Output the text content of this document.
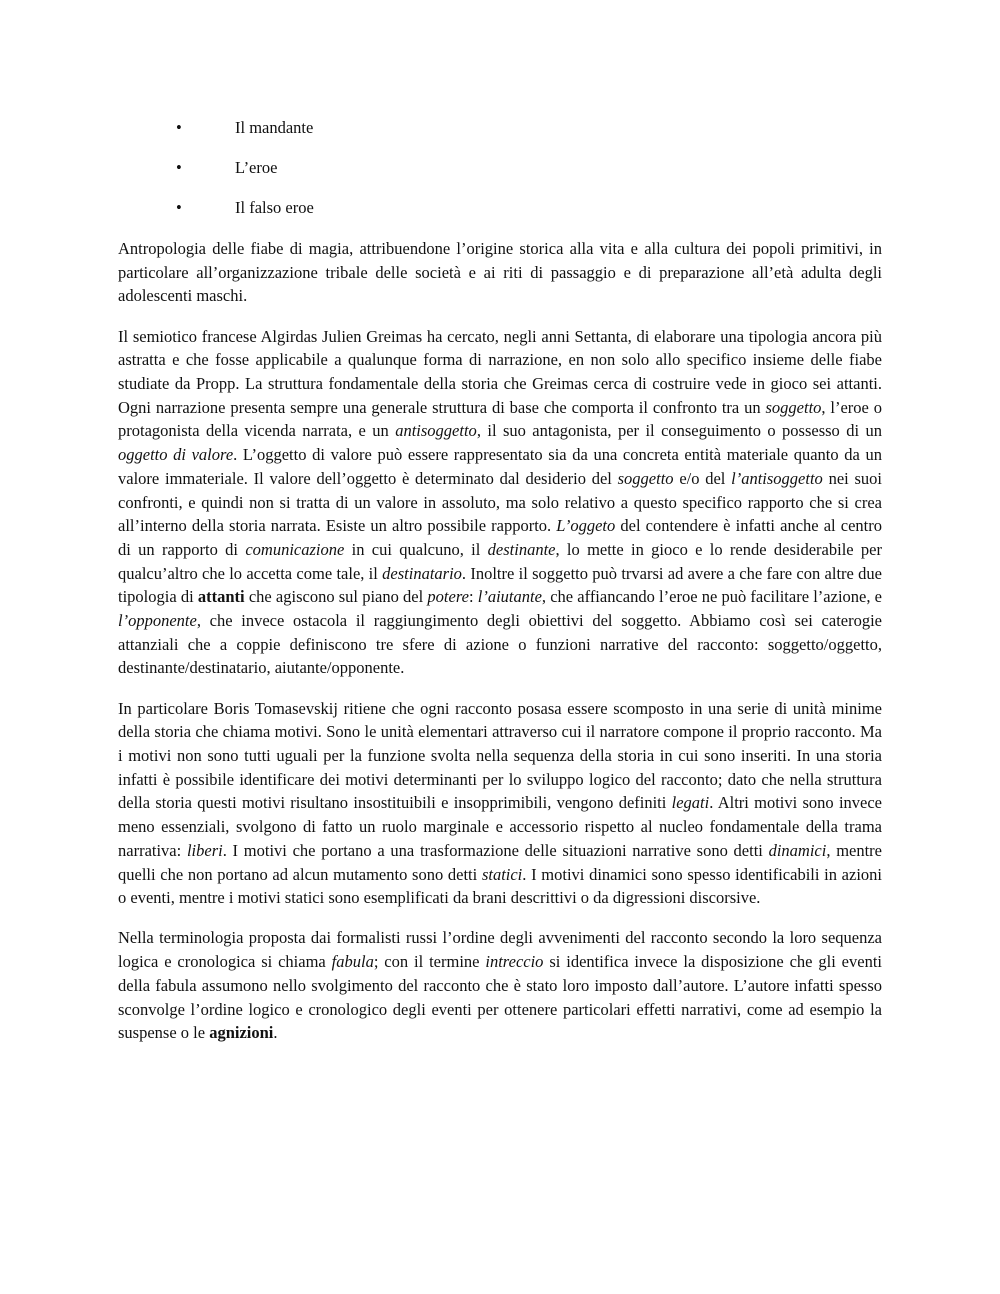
•	Il mandante
•	L’eroe
•	Il falso eroe

Antropologia delle fiabe di magia, attribuendone l’origine storica alla vita e alla cultura dei popoli primitivi, in particolare all’organizzazione tribale delle società e ai riti di passaggio e di preparazione all’età adulta degli adolescenti maschi.

Il semiotico francese Algirdas Julien Greimas ha cercato, negli anni Settanta, di elaborare una tipologia ancora più astratta e che fosse applicabile a qualunque forma di narrazione, en non solo allo specifico insieme delle fiabe studiate da Propp. La struttura fondamentale della storia che Greimas cerca di costruire vede in gioco sei attanti. Ogni narrazione presenta sempre una generale struttura di base che comporta il confronto tra un soggetto, l’eroe o protagonista della vicenda narrata, e un antisoggetto, il suo antagonista, per il conseguimento o possesso di un oggetto di valore. L’oggetto di valore può essere rappresentato sia da una concreta entità materiale quanto da un valore immateriale. Il valore dell’oggetto è determinato dal desiderio del soggetto e/o del l’antisoggetto nei suoi confronti, e quindi non si tratta di un valore in assoluto, ma solo relativo a questo specifico rapporto che si crea all’interno della storia narrata. Esiste un altro possibile rapporto. L’oggeto del contendere è infatti anche al centro di un rapporto di comunicazione in cui qualcuno, il destinante, lo mette in gioco e lo rende desiderabile per qualcu’altro che lo accetta come tale, il destinatario. Inoltre il soggetto può trvarsi ad avere a che fare con altre due tipologia di attanti che agiscono sul piano del potere: l’aiutante, che affiancando l’eroe ne può facilitare l’azione, e l’opponente, che invece ostacola il raggiungimento degli obiettivi del soggetto. Abbiamo così sei caterogie attanziali che a coppie definiscono tre sfere di azione o funzioni narrative del racconto: soggetto/oggetto, destinante/destinatario, aiutante/opponente.

In particolare Boris Tomasevskij ritiene che ogni racconto posasa essere scomposto in una serie di unità minime della storia che chiama motivi. Sono le unità elementari attraverso cui il narratore compone il proprio racconto. Ma i motivi non sono tutti uguali per la funzione svolta nella sequenza della storia in cui sono inseriti. In una storia infatti è possibile identificare dei motivi determinanti per lo sviluppo logico del racconto; dato che nella struttura della storia questi motivi risultano insostituibili e insopprimibili, vengono definiti legati. Altri motivi sono invece meno essenziali, svolgono di fatto un ruolo marginale e accessorio rispetto al nucleo fondamentale della trama narrativa: liberi. I motivi che portano a una trasformazione delle situazioni narrative sono detti dinamici, mentre quelli che non portano ad alcun mutamento sono detti statici. I motivi dinamici sono spesso identificabili in azioni o eventi, mentre i motivi statici sono esemplificati da brani descrittivi o da digressioni discorsive.

Nella terminologia proposta dai formalisti russi l’ordine degli avvenimenti del racconto secondo la loro sequenza logica e cronologica si chiama fabula; con il termine intreccio si identifica invece la disposizione che gli eventi della fabula assumono nello svolgimento del racconto che è stato loro imposto dall’autore. L’autore infatti spesso sconvolge l’ordine logico e cronologico degli eventi per ottenere particolari effetti narrativi, come ad esempio la suspense o le agnizioni.
